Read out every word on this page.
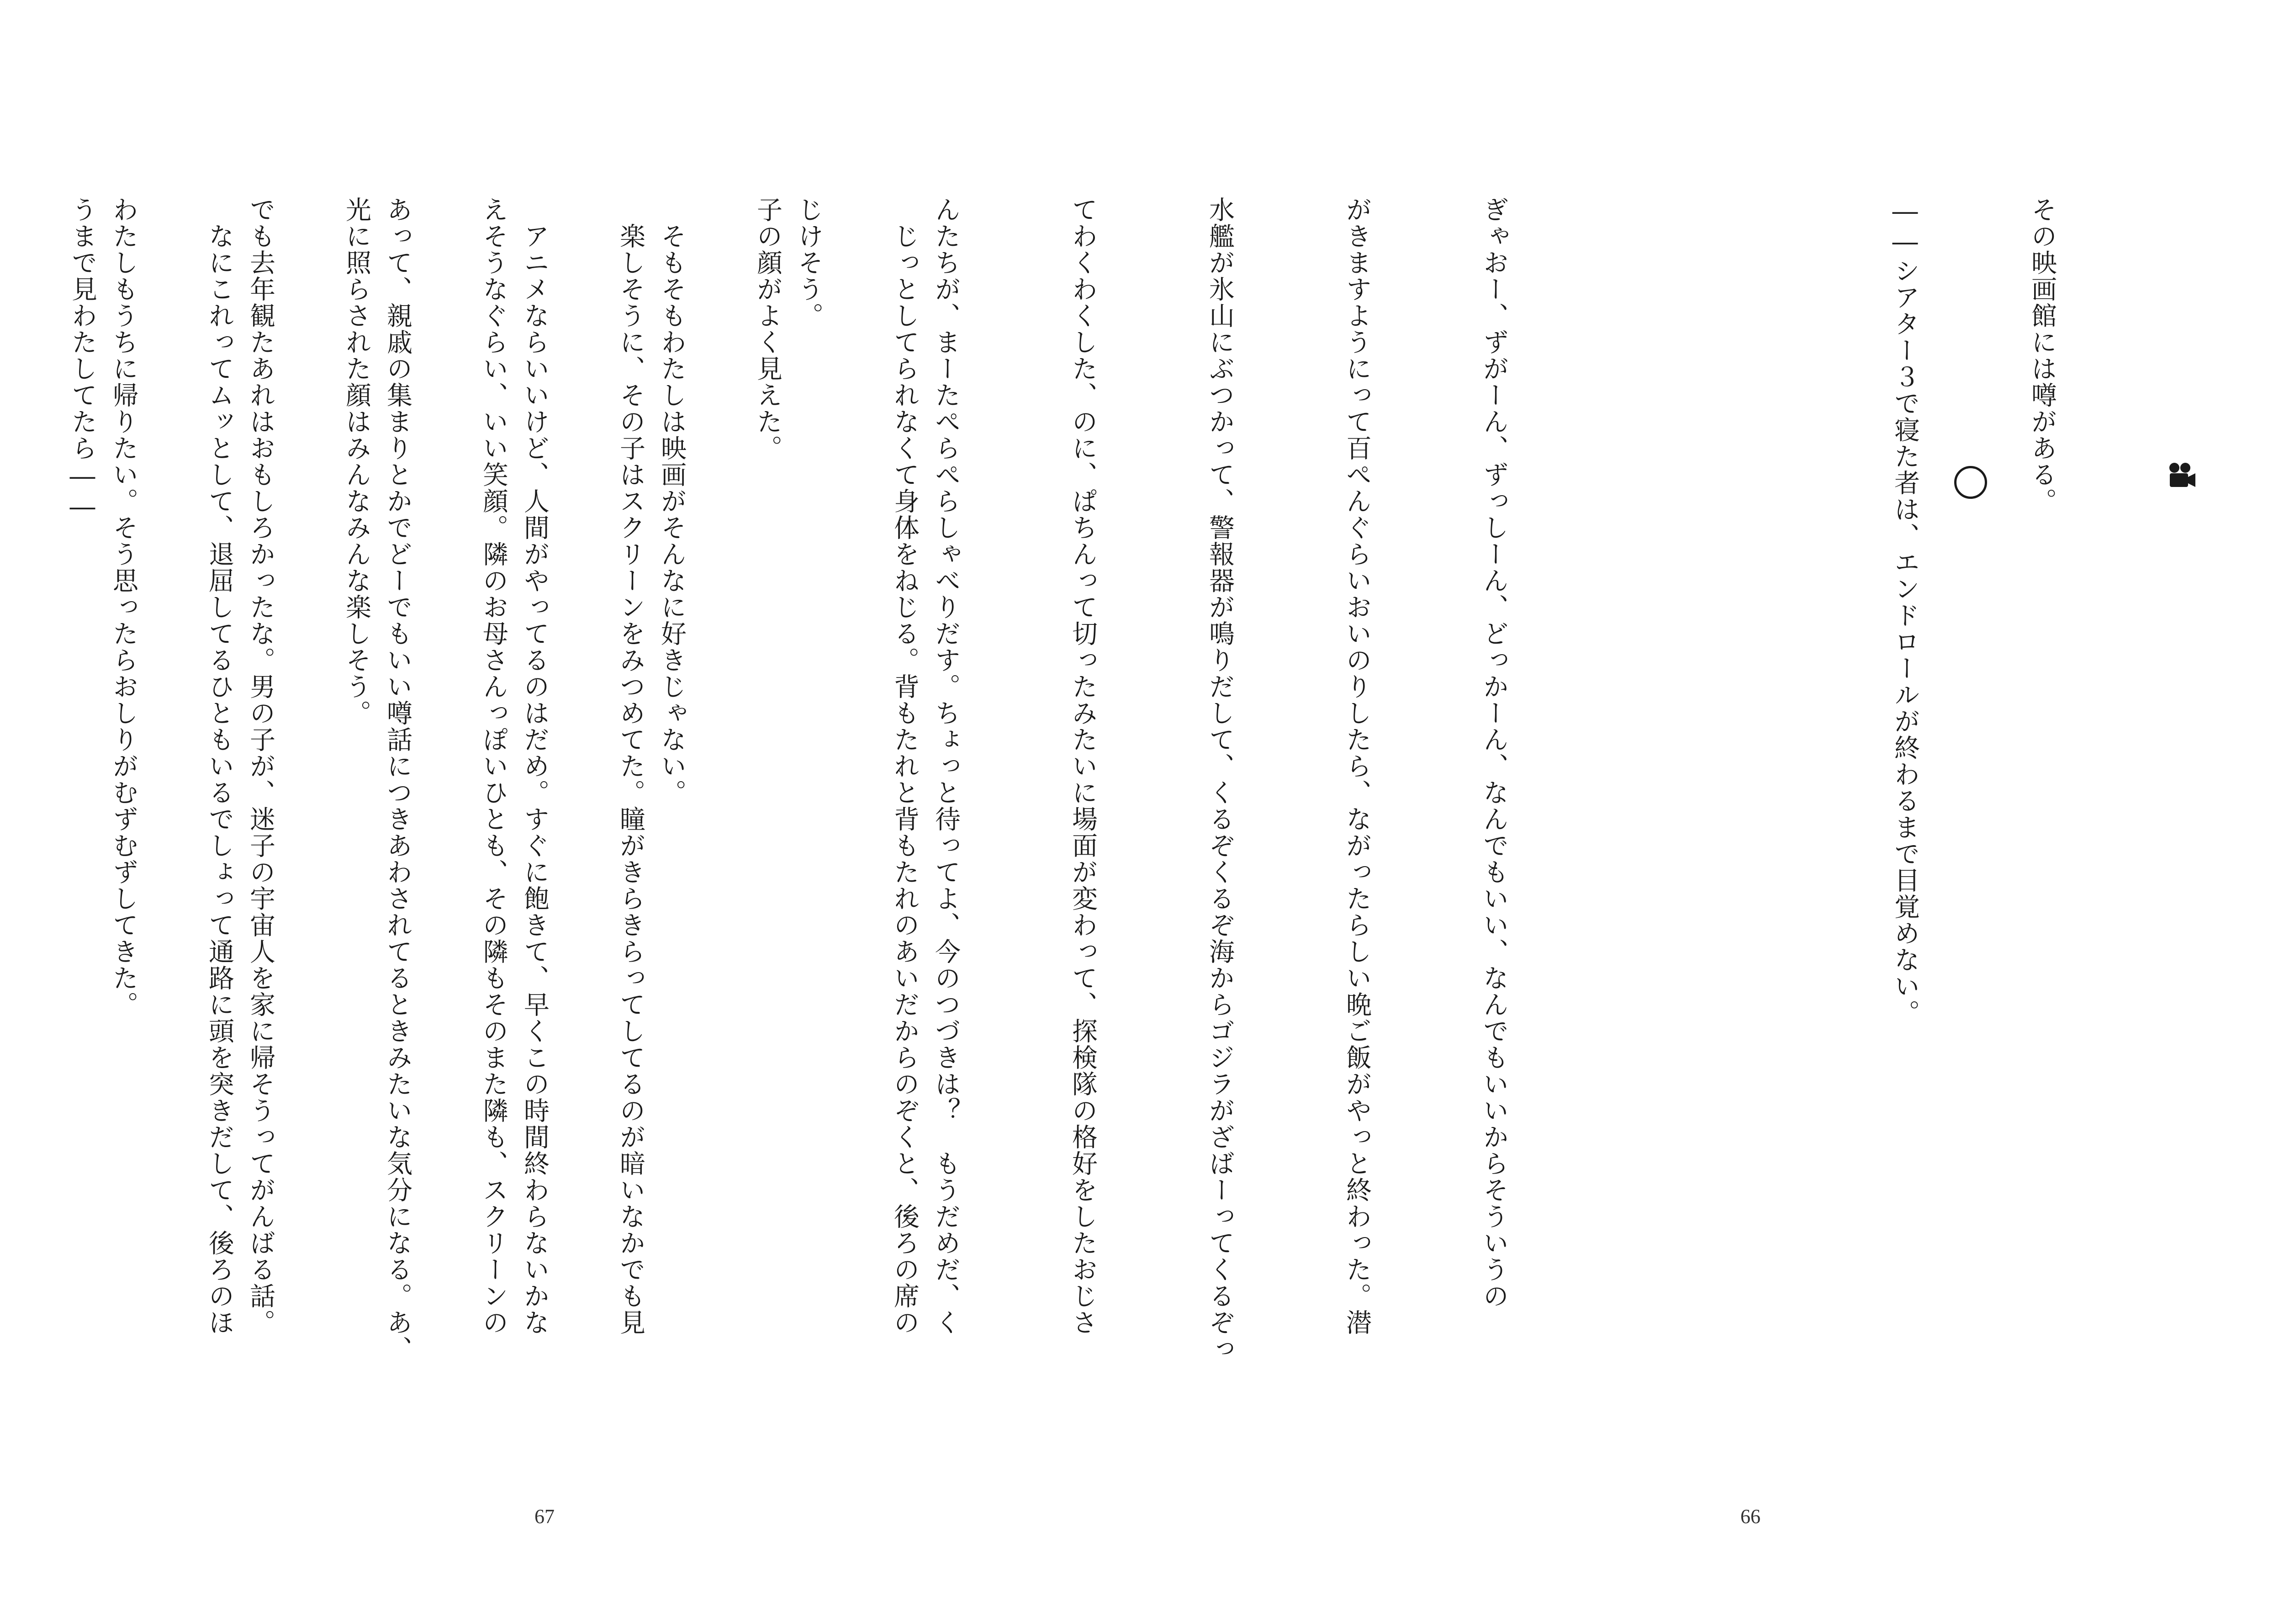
その映画館には噂がある。

――シアター３で寝た者は、エンドロールが終わるまで目覚めない。

ぎゃおー、ずがーん、ずっしーん、どっかーん、なんでもいい、なんでもいいからそういうの

がきますようにって百ぺんぐらいおいのりしたら、ながったらしい晩ご飯がやっと終わった。潜

水艦が氷山にぶつかって、警報器が鳴りだして、くるぞくるぞ海からゴジラがざばーってくるぞっ

てわくわくした、のに、ぱちんって切ったみたいに場面が変わって、探検隊の格好をしたおじさ

んたちが、まーたぺらぺらしゃべりだす。ちょっと待ってよ、今のつづきは？　もうだめだ、く

じけそう。

　そもそもわたしは映画がそんなに好きじゃない。

　アニメならいいけど、人間がやってるのはだめ。すぐに飽きて、早くこの時間終わらないかな

あって、親戚の集まりとかでどーでもいい噂話につきあわされてるときみたいな気分になる。あ、

でも去年観たあれはおもしろかったな。男の子が、迷子の宇宙人を家に帰そうってがんばる話。

わたしもうちに帰りたい。そう思ったらおしりがむずむずしてきた。

66

　じっとしてられなくて身体をねじる。背もたれと背もたれのあいだからのぞくと、後ろの席の

子の顔がよく見えた。

　楽しそうに、その子はスクリーンをみつめてた。瞳がきらきらってしてるのが暗いなかでも見

えそうなぐらい、いい笑顔。隣のお母さんっぽいひとも、その隣もそのまた隣も、スクリーンの

光に照らされた顔はみんなみんな楽しそう。

　なにこれってムッとして、退屈してるひともいるでしょって通路に頭を突きだして、後ろのほ

うまで見わたしてたら――

67
